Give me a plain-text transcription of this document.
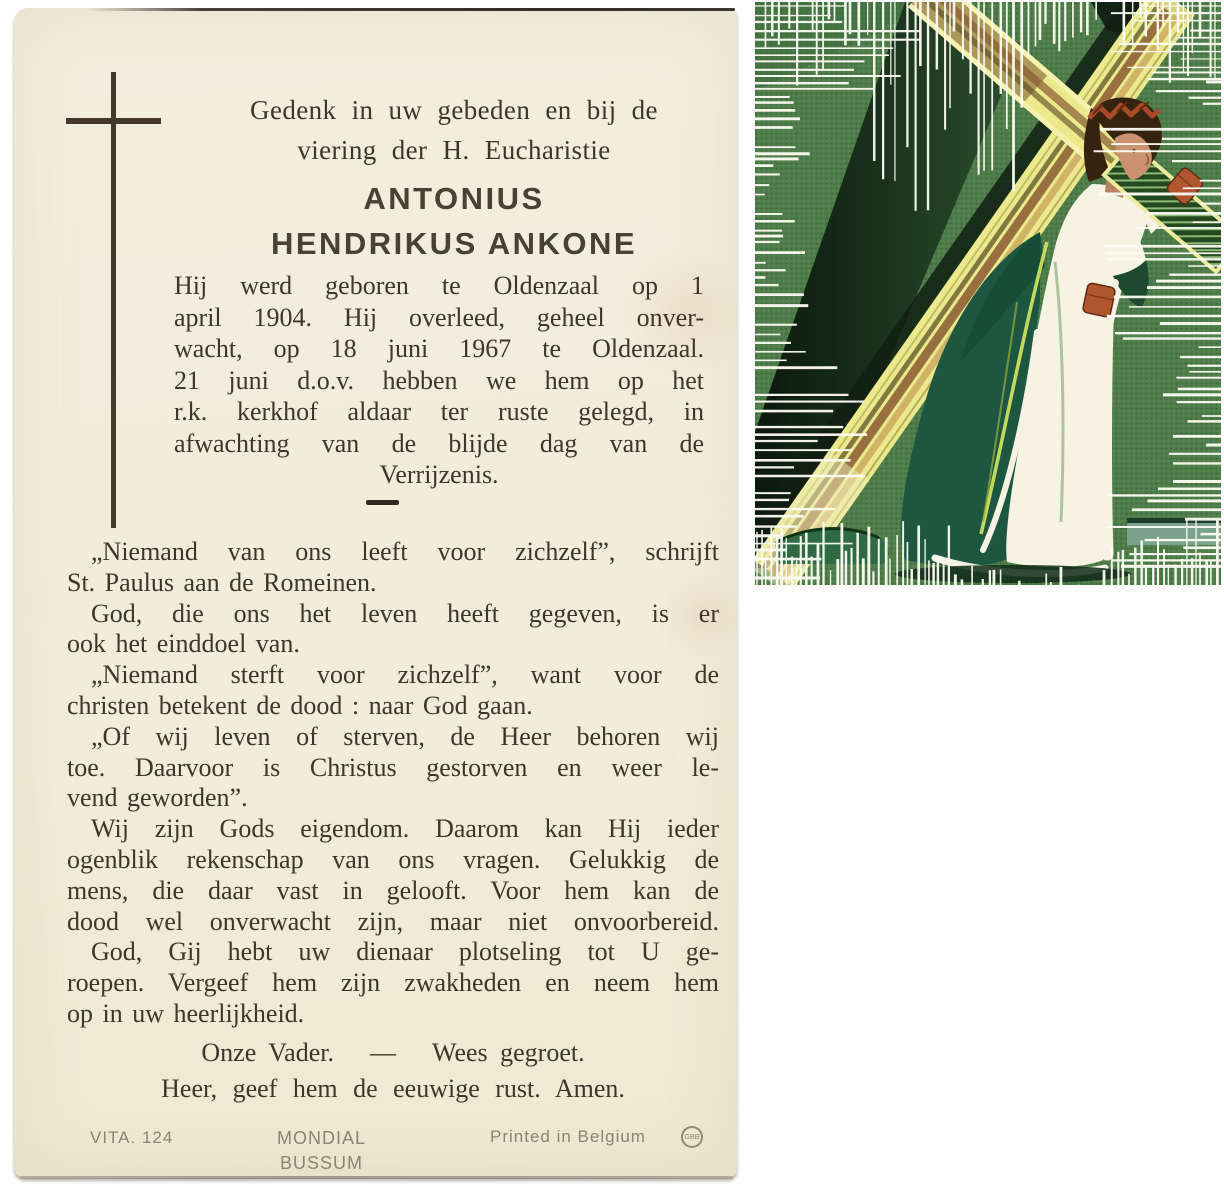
Gedenk in uw gebeden en bij de
viering der H. Eucharistie
ANTONIUS
HENDRIKUS ANKONE
Hij werd geboren te Oldenzaal op 1
april 1904. Hij overleed, geheel onver-
wacht, op 18 juni 1967 te Oldenzaal.
21 juni d.o.v. hebben we hem op het
r.k. kerkhof aldaar ter ruste gelegd, in
afwachting van de blijde dag van de
Verrijzenis.
„Niemand van ons leeft voor zichzelf”, schrijft
St. Paulus aan de Romeinen.
God, die ons het leven heeft gegeven, is er
ook het einddoel van.
„Niemand sterft voor zichzelf”, want voor de
christen betekent de dood : naar God gaan.
„Of wij leven of sterven, de Heer behoren wij
toe. Daarvoor is Christus gestorven en weer le-
vend geworden”.
Wij zijn Gods eigendom. Daarom kan Hij ieder
ogenblik rekenschap van ons vragen. Gelukkig de
mens, die daar vast in gelooft. Voor hem kan de
dood wel onverwacht zijn, maar niet onvoorbereid.
God, Gij hebt uw dienaar plotseling tot U ge-
roepen. Vergeef hem zijn zwakheden en neem hem
op in uw heerlijkheid.
Onze Vader. — Wees gegroet.
Heer, geef hem de eeuwige rust. Amen.
VITA. 124	MONDIAL
BUSSUM
Printed in Belgium	GBB
